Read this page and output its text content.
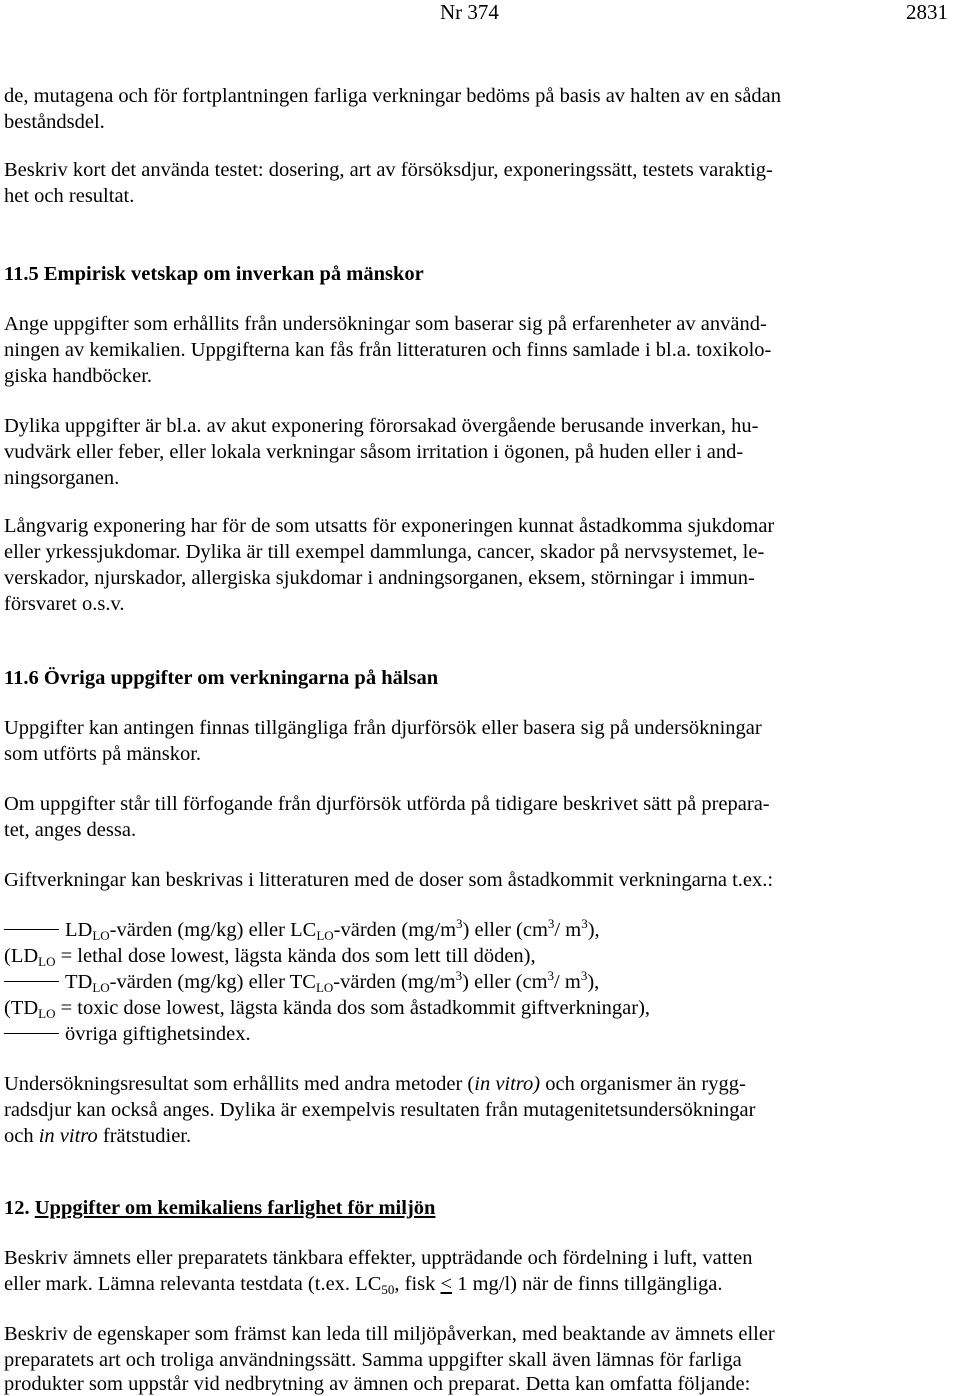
Nr 374	2831
de, mutagena och för fortplantningen farliga verkningar bedöms på basis av halten av en sådan
beståndsdel.
Beskriv kort det använda testet: dosering, art av försöksdjur, exponeringssätt, testets varaktig-
het och resultat.
11.5 Empirisk vetskap om inverkan på mänskor
Ange uppgifter som erhållits från undersökningar som baserar sig på erfarenheter av använd-
ningen av kemikalien. Uppgifterna kan fås från litteraturen och finns samlade i bl.a. toxikolo-
giska handböcker.
Dylika uppgifter är bl.a. av akut exponering förorsakad övergående berusande inverkan, hu-
vudvärk eller feber, eller lokala verkningar såsom irritation i ögonen, på huden eller i and-
ningsorganen.
Långvarig exponering har för de som utsatts för exponeringen kunnat åstadkomma sjukdomar
eller yrkessjukdomar. Dylika är till exempel dammlunga, cancer, skador på nervsystemet, le-
verskador, njurskador, allergiska sjukdomar i andningsorganen, eksem, störningar i immun-
försvaret o.s.v.
11.6 Övriga uppgifter om verkningarna på hälsan
Uppgifter kan antingen finnas tillgängliga från djurförsök eller basera sig på undersökningar
som utförts på mänskor.
Om uppgifter står till förfogande från djurförsök utförda på tidigare beskrivet sätt på prepara-
tet, anges dessa.
Giftverkningar kan beskrivas i litteraturen med de doser som åstadkommit verkningarna t.ex.:
$LD_{LO}$-värden (mg/kg) eller $LC_{LO}$-värden $(mg/m^3)$ eller ($cm^3/$ $m^3$),
($LD_{LO}$ = lethal dose lowest, lägsta kända dos som lett till döden),
$TD_{LO}$-värden (mg/kg) eller $TC_{LO}$-värden $(mg/m^3)$ eller ($cm^3/$ $m^3$),
($TD_{LO}$ = toxic dose lowest, lägsta kända dos som åstadkommit giftverkningar),
övriga giftighetsindex.
Undersökningsresultat som erhållits med andra metoder (in vitro) och organismer än rygg-
radsdjur kan också anges. Dylika är exempelvis resultaten från mutagenitetsundersökningar
och in vitro frätstudier.
12. Uppgifter om kemikaliens farlighet för miljön
Beskriv ämnets eller preparatets tänkbara effekter, uppträdande och fördelning i luft, vatten
eller mark. Lämna relevanta testdata (t.ex. $LC_{50}$, fisk < 1 mg/l) när de finns tillgängliga.
Beskriv de egenskaper som främst kan leda till miljöpåverkan, med beaktande av ämnets eller
preparatets art och troliga användningssätt. Samma uppgifter skall även lämnas för farliga
produkter som uppstår vid nedbrytning av ämnen och preparat. Detta kan omfatta följande:
